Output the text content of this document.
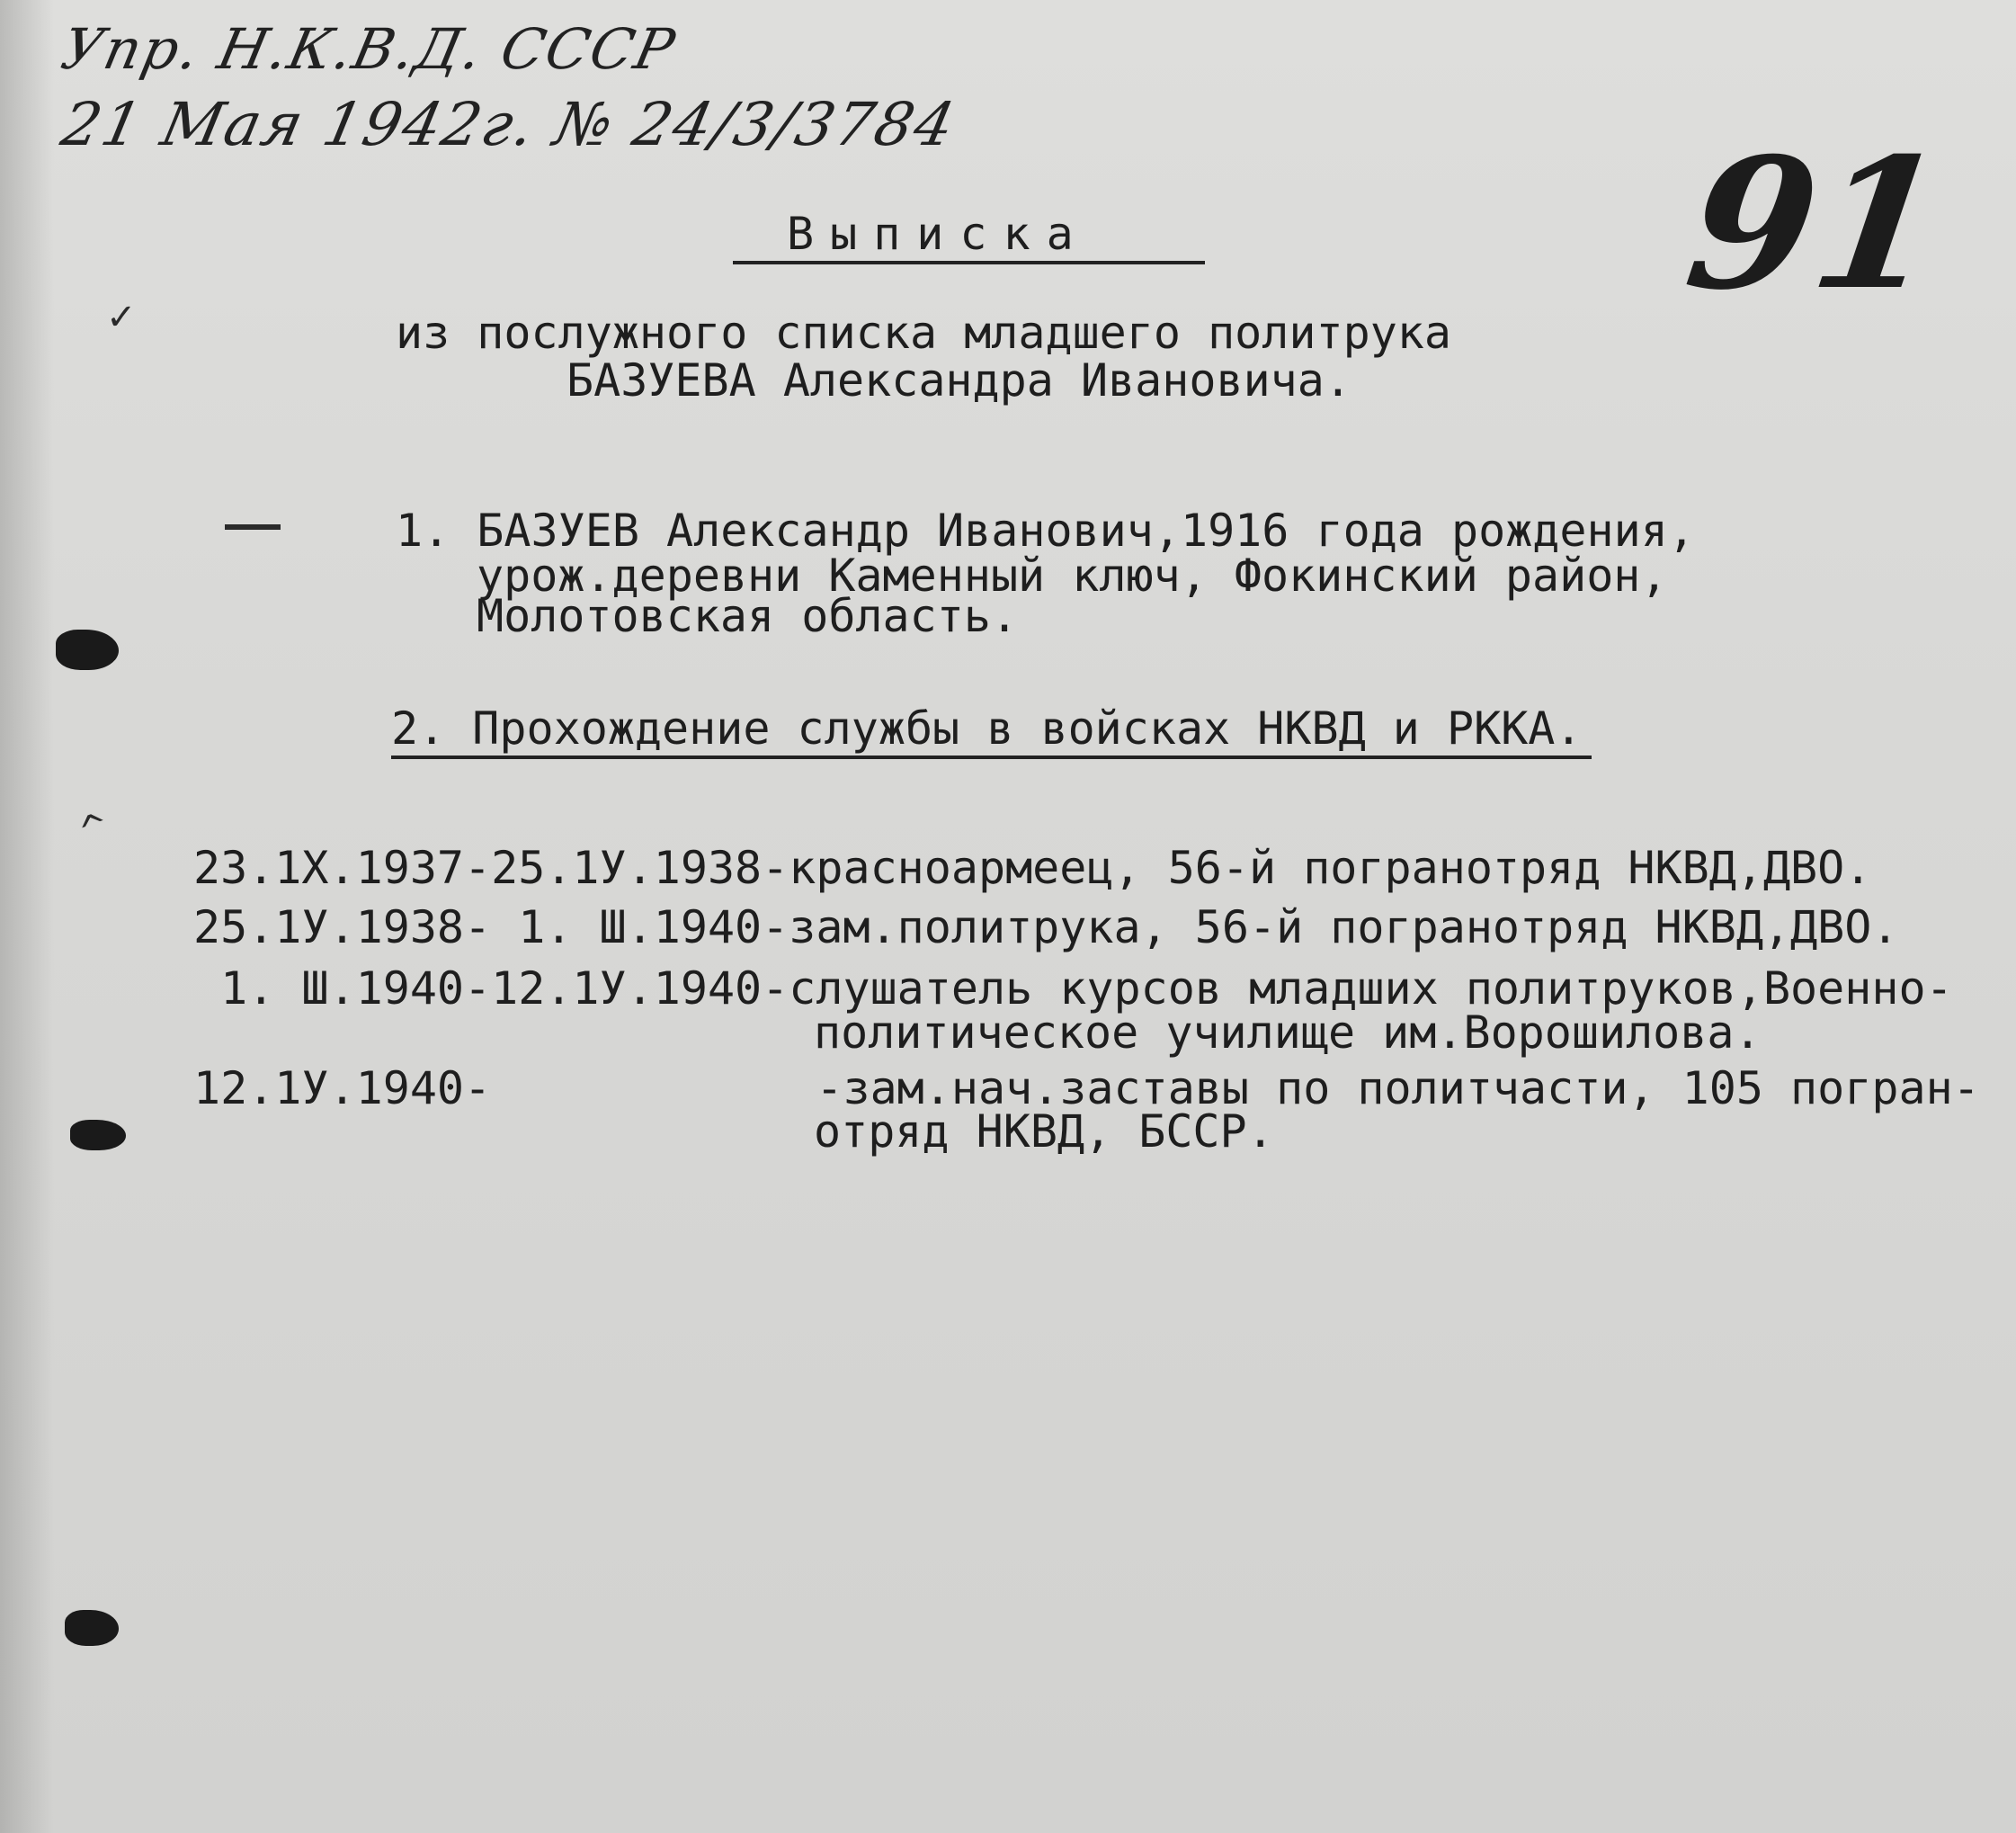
Упр. Н.К.В.Д. СССР
21 Мая 1942г. № 24/3/3784	91
Выписка
из послужного списка младшего политрука
БАЗУЕВА Александра Ивановича.
1. БАЗУЕВ Александр Иванович,1916 года рождения,
урож.деревни Каменный ключ, Фокинский район,
Молотовская область.
2. Прохождение службы в войсках НКВД и РККА.
23.1Х.1937-25.1У.1938-красноармеец, 56-й погранотряд НКВД,ДВО.
25.1У.1938- 1. Ш.1940-зам.политрука, 56-й погранотряд НКВД,ДВО.
1. Ш.1940-12.1У.1940-слушатель курсов младших политруков,Военно-
политическое училище им.Ворошилова.
12.1У.1940-            -зам.нач.заставы по политчасти, 105 погран-
отряд НКВД, БССР.
✓
^
